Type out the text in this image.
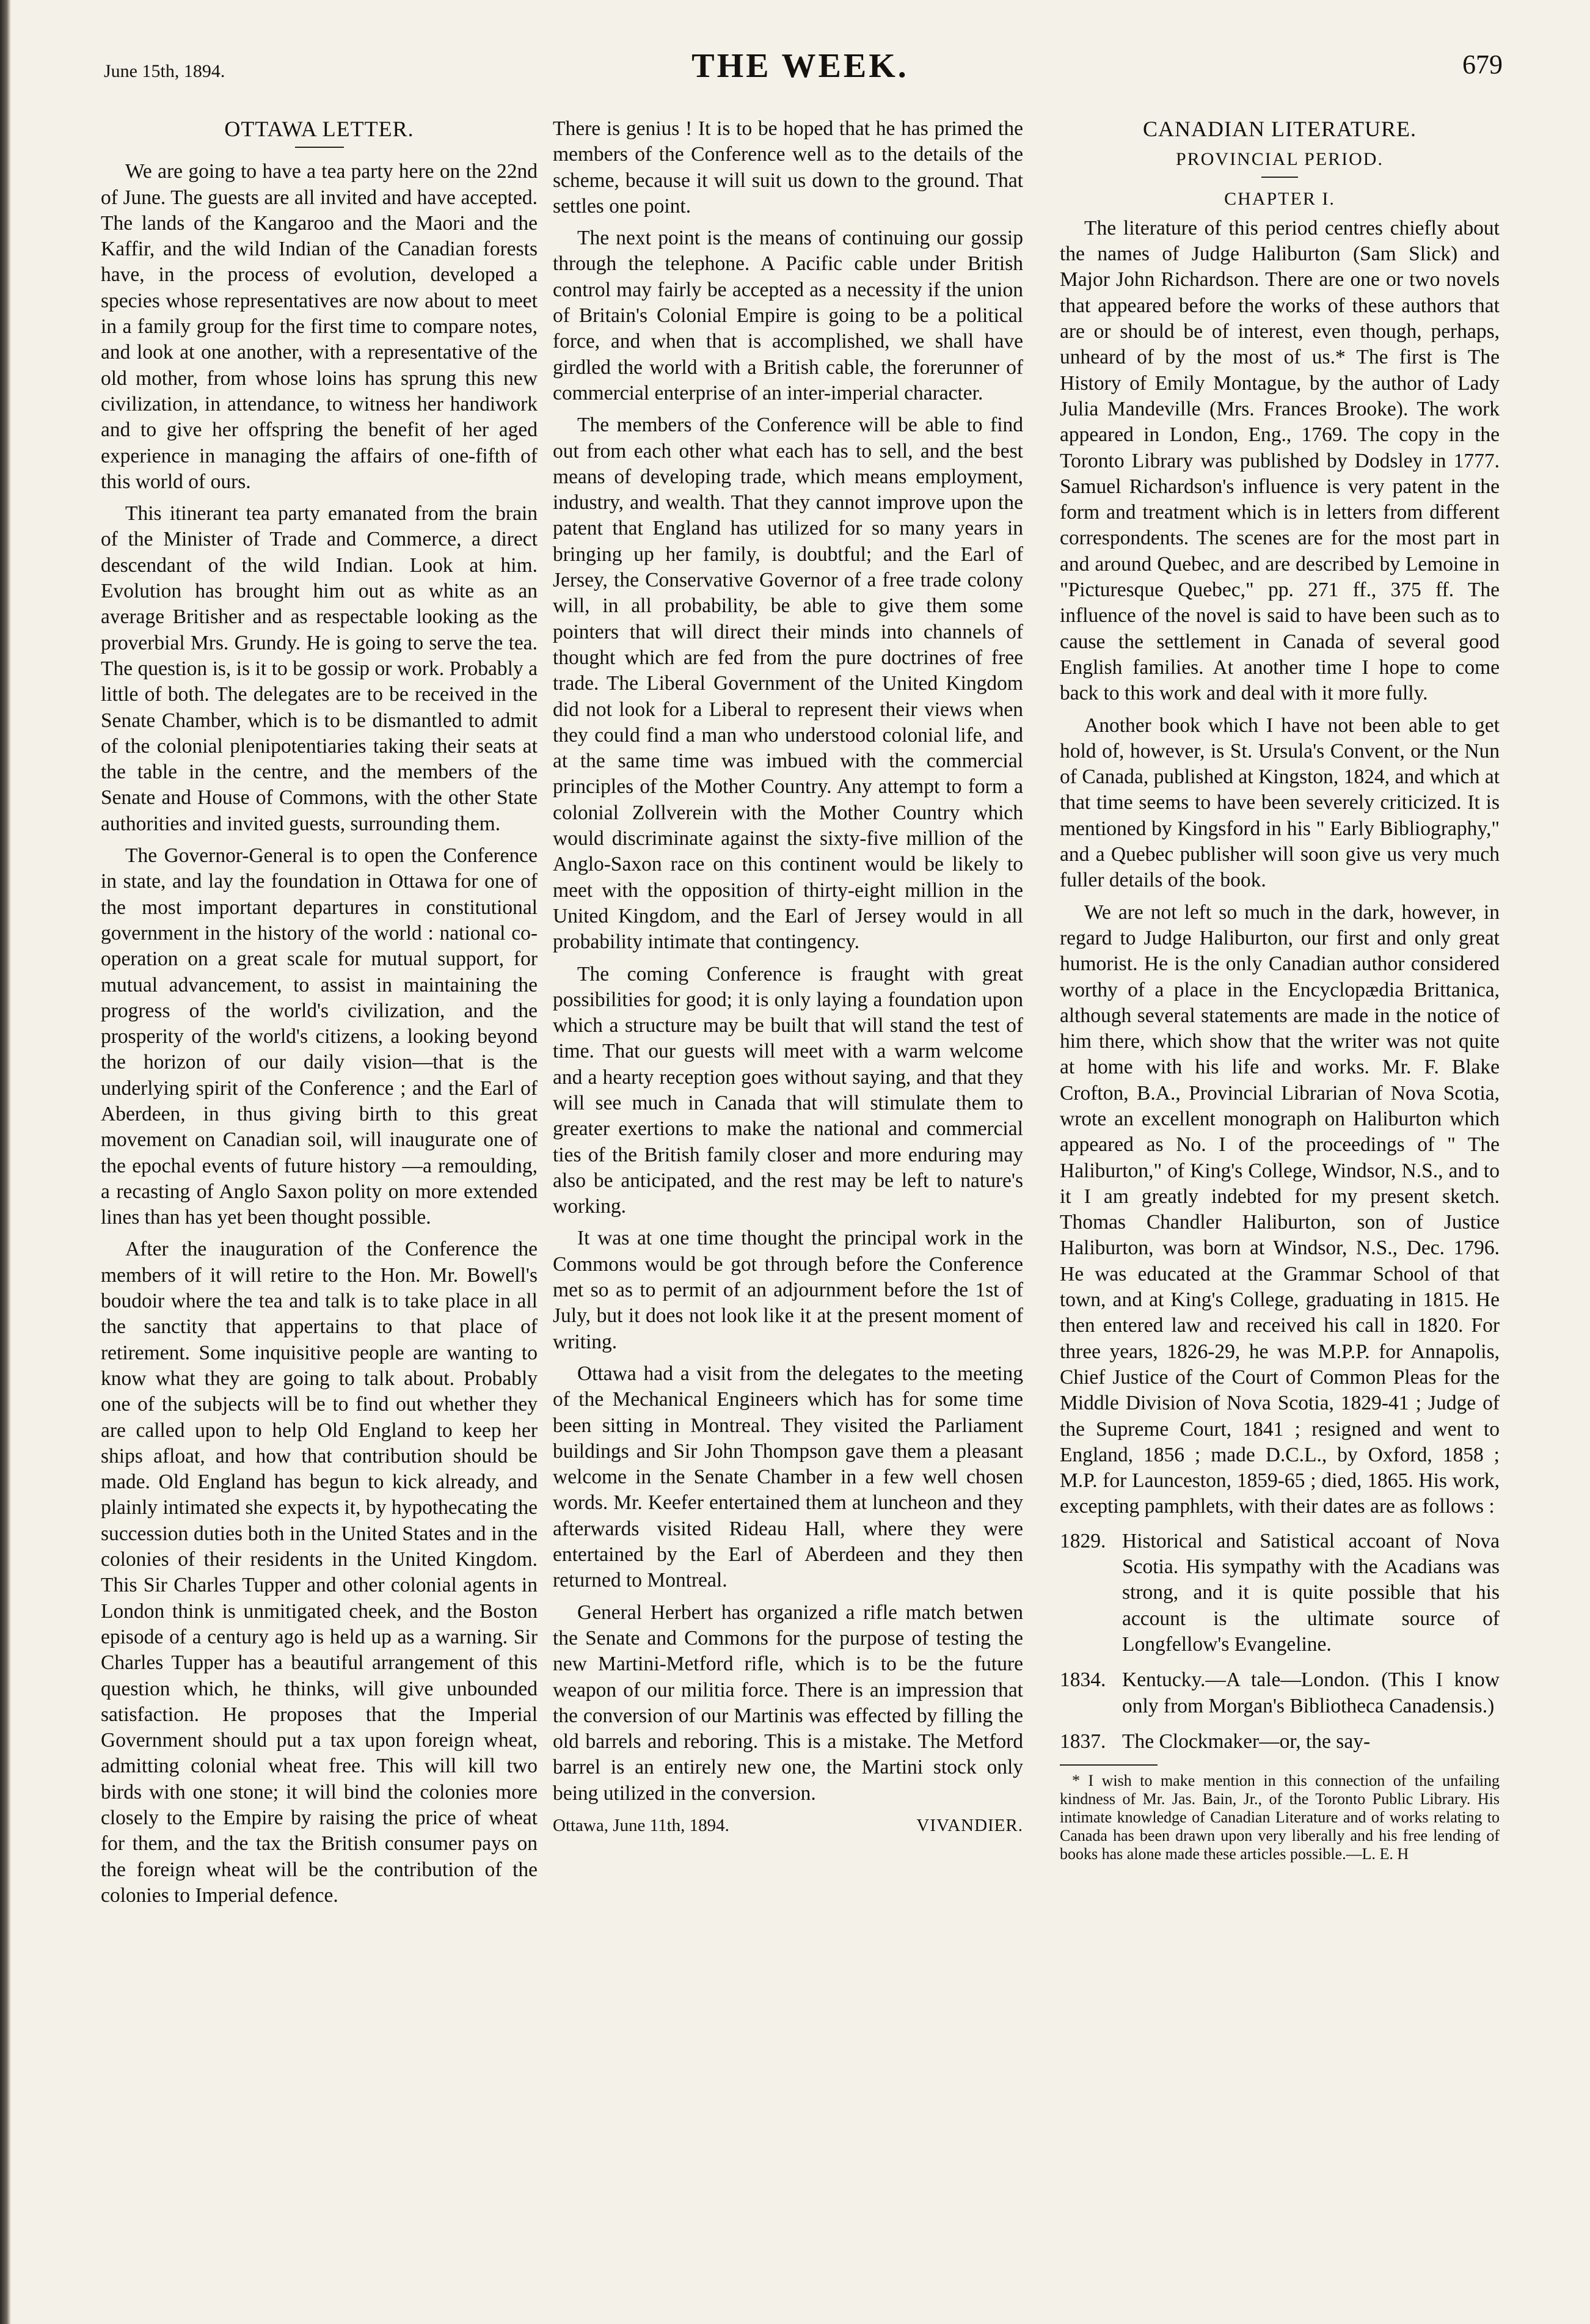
June 15th, 1894.	THE WEEK.	679
OTTAWA LETTER.

We are going to have a tea party here on the 22nd of June. The guests are all invited and have accepted. The lands of the Kangaroo and the Maori and the Kaffir, and the wild Indian of the Canadian forests have, in the process of evolution, developed a species whose representatives are now about to meet in a family group for the first time to compare notes, and look at one another, with a representative of the old mother, from whose loins has sprung this new civilization, in attendance, to witness her handiwork and to give her offspring the benefit of her aged experience in managing the affairs of one-fifth of this world of ours.

This itinerant tea party emanated from the brain of the Minister of Trade and Commerce, a direct descendant of the wild Indian. Look at him. Evolution has brought him out as white as an average Britisher and as respectable looking as the proverbial Mrs. Grundy. He is going to serve the tea. The question is, is it to be gossip or work. Probably a little of both. The delegates are to be received in the Senate Chamber, which is to be dismantled to admit of the colonial plenipotentiaries taking their seats at the table in the centre, and the members of the Senate and House of Commons, with the other State authorities and invited guests, surrounding them.

The Governor-General is to open the Conference in state, and lay the foundation in Ottawa for one of the most important departures in constitutional government in the history of the world : national co-operation on a great scale for mutual support, for mutual advancement, to assist in maintaining the progress of the world's civilization, and the prosperity of the world's citizens, a looking beyond the horizon of our daily vision—that is the underlying spirit of the Conference ; and the Earl of Aberdeen, in thus giving birth to this great movement on Canadian soil, will inaugurate one of the epochal events of future history —a remoulding, a recasting of Anglo Saxon polity on more extended lines than has yet been thought possible.

After the inauguration of the Conference the members of it will retire to the Hon. Mr. Bowell's boudoir where the tea and talk is to take place in all the sanctity that appertains to that place of retirement. Some inquisitive people are wanting to know what they are going to talk about. Probably one of the subjects will be to find out whether they are called upon to help Old England to keep her ships afloat, and how that contribution should be made. Old England has begun to kick already, and plainly intimated she expects it, by hypothecating the succession duties both in the United States and in the colonies of their residents in the United Kingdom. This Sir Charles Tupper and other colonial agents in London think is unmitigated cheek, and the Boston episode of a century ago is held up as a warning. Sir Charles Tupper has a beautiful arrangement of this question which, he thinks, will give unbounded satisfaction. He proposes that the Imperial Government should put a tax upon foreign wheat, admitting colonial wheat free. This will kill two birds with one stone; it will bind the colonies more closely to the Empire by raising the price of wheat for them, and the tax the British consumer pays on the foreign wheat will be the contribution of the colonies to Imperial defence.

There is genius ! It is to be hoped that he has primed the members of the Conference well as to the details of the scheme, because it will suit us down to the ground. That settles one point.

The next point is the means of continuing our gossip through the telephone. A Pacific cable under British control may fairly be accepted as a necessity if the union of Britain's Colonial Empire is going to be a political force, and when that is accomplished, we shall have girdled the world with a British cable, the forerunner of commercial enterprise of an inter-imperial character.

The members of the Conference will be able to find out from each other what each has to sell, and the best means of developing trade, which means employment, industry, and wealth. That they cannot improve upon the patent that England has utilized for so many years in bringing up her family, is doubtful; and the Earl of Jersey, the Conservative Governor of a free trade colony will, in all probability, be able to give them some pointers that will direct their minds into channels of thought which are fed from the pure doctrines of free trade. The Liberal Government of the United Kingdom did not look for a Liberal to represent their views when they could find a man who understood colonial life, and at the same time was imbued with the commercial principles of the Mother Country. Any attempt to form a colonial Zollverein with the Mother Country which would discriminate against the sixty-five million of the Anglo-Saxon race on this continent would be likely to meet with the opposition of thirty-eight million in the United Kingdom, and the Earl of Jersey would in all probability intimate that contingency.

The coming Conference is fraught with great possibilities for good; it is only laying a foundation upon which a structure may be built that will stand the test of time. That our guests will meet with a warm welcome and a hearty reception goes without saying, and that they will see much in Canada that will stimulate them to greater exertions to make the national and commercial ties of the British family closer and more enduring may also be anticipated, and the rest may be left to nature's working.

It was at one time thought the principal work in the Commons would be got through before the Conference met so as to permit of an adjournment before the 1st of July, but it does not look like it at the present moment of writing.

Ottawa had a visit from the delegates to the meeting of the Mechanical Engineers which has for some time been sitting in Montreal. They visited the Parliament buildings and Sir John Thompson gave them a pleasant welcome in the Senate Chamber in a few well chosen words. Mr. Keefer entertained them at luncheon and they afterwards visited Rideau Hall, where they were entertained by the Earl of Aberdeen and they then returned to Montreal.

General Herbert has organized a rifle match betwen the Senate and Commons for the purpose of testing the new Martini-Metford rifle, which is to be the future weapon of our militia force. There is an impression that the conversion of our Martinis was effected by filling the old barrels and reboring. This is a mistake. The Metford barrel is an entirely new one, the Martini stock only being utilized in the conversion.

Ottawa, June 11th, 1894.	VIVANDIER.
CANADIAN LITERATURE.
PROVINCIAL PERIOD.
CHAPTER I.

The literature of this period centres chiefly about the names of Judge Haliburton (Sam Slick) and Major John Richardson. There are one or two novels that appeared before the works of these authors that are or should be of interest, even though, perhaps, unheard of by the most of us.* The first is The History of Emily Montague, by the author of Lady Julia Mandeville (Mrs. Frances Brooke). The work appeared in London, Eng., 1769. The copy in the Toronto Library was published by Dodsley in 1777. Samuel Richardson's influence is very patent in the form and treatment which is in letters from different correspondents. The scenes are for the most part in and around Quebec, and are described by Lemoine in "Picturesque Quebec," pp. 271 ff., 375 ff. The influence of the novel is said to have been such as to cause the settlement in Canada of several good English families. At another time I hope to come back to this work and deal with it more fully.

Another book which I have not been able to get hold of, however, is St. Ursula's Convent, or the Nun of Canada, published at Kingston, 1824, and which at that time seems to have been severely criticized. It is mentioned by Kingsford in his " Early Bibliography," and a Quebec publisher will soon give us very much fuller details of the book.

We are not left so much in the dark, however, in regard to Judge Haliburton, our first and only great humorist. He is the only Canadian author considered worthy of a place in the Encyclopædia Brittanica, although several statements are made in the notice of him there, which show that the writer was not quite at home with his life and works. Mr. F. Blake Crofton, B.A., Provincial Librarian of Nova Scotia, wrote an excellent monograph on Haliburton which appeared as No. I of the proceedings of " The Haliburton," of King's College, Windsor, N.S., and to it I am greatly indebted for my present sketch. Thomas Chandler Haliburton, son of Justice Haliburton, was born at Windsor, N.S., Dec. 1796. He was educated at the Grammar School of that town, and at King's College, graduating in 1815. He then entered law and received his call in 1820. For three years, 1826-29, he was M.P.P. for Annapolis, Chief Justice of the Court of Common Pleas for the Middle Division of Nova Scotia, 1829-41 ; Judge of the Supreme Court, 1841 ; resigned and went to England, 1856 ; made D.C.L., by Oxford, 1858 ; M.P. for Launceston, 1859-65 ; died, 1865. His work, excepting pamphlets, with their dates are as follows :

1829. Historical and Satistical accoant of Nova Scotia. His sympathy with the Acadians was strong, and it is quite possible that his account is the ultimate source of Longfellow's Evangeline.

1834. Kentucky.—A tale—London. (This I know only from Morgan's Bibliotheca Canadensis.)

1837. The Clockmaker—or, the say-

* I wish to make mention in this connection of the unfailing kindness of Mr. Jas. Bain, Jr., of the Toronto Public Library. His intimate knowledge of Canadian Literature and of works relating to Canada has been drawn upon very liberally and his free lending of books has alone made these articles possible.—L. E. H
